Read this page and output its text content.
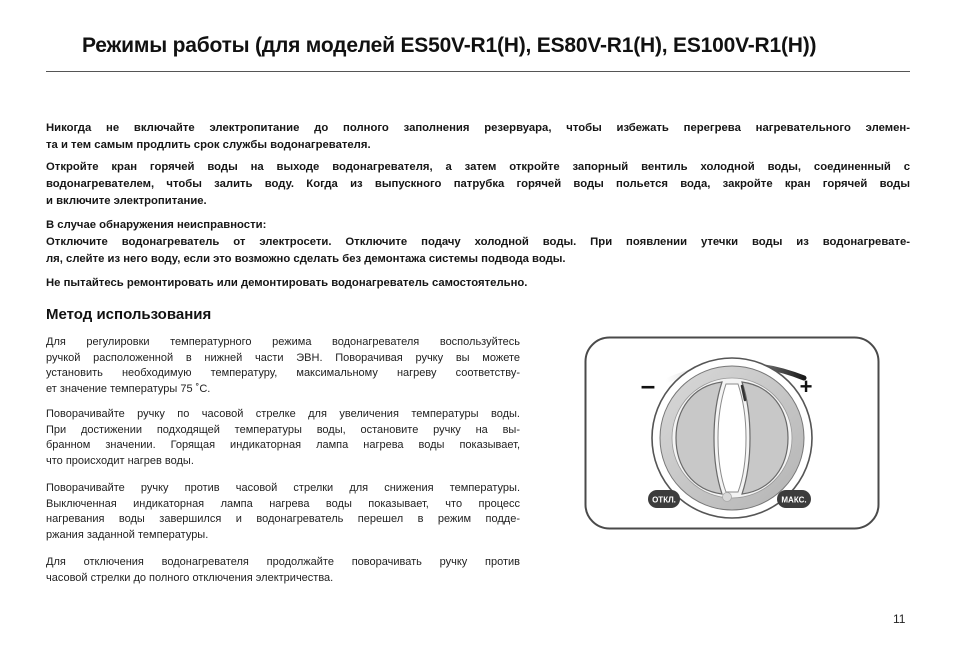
Режимы работы (для моделей ES50V-R1(H), ES80V-R1(H), ES100V-R1(H))
Никогда не включайте электропитание до полного заполнения резервуара, чтобы избежать перегрева нагревательного элемен-
та и тем самым продлить срок службы водонагревателя.
Откройте кран горячей воды на выходе водонагревателя, а затем откройте запорный вентиль холодной воды, соединенный с
водонагревателем, чтобы залить воду. Когда из выпускного патрубка горячей воды польется вода, закройте кран горячей воды
и включите электропитание.
В случае обнаружения неисправности:
Отключите водонагреватель от электросети. Отключите подачу холодной воды. При появлении утечки воды из водонагревате-
ля, слейте из него воду, если это возможно сделать без демонтажа системы подвода воды.
Не пытайтесь ремонтировать или демонтировать водонагреватель самостоятельно.
Метод использования
Для регулировки температурного режима водонагревателя воспользуйтесь
ручкой расположенной в нижней части ЭВН. Поворачивая ручку вы можете
установить необходимую температуру, максимальному нагреву соответству-
ет значение температуры 75 ˚С.
Поворачивайте ручку по часовой стрелке для увеличения температуры воды.
При достижении подходящей температуры воды, остановите ручку на вы-
бранном значении. Горящая индикаторная лампа нагрева воды показывает,
что происходит нагрев воды.
Поворачивайте ручку против часовой стрелки для снижения температуры.
Выключенная индикаторная лампа нагрева воды показывает, что процесс
нагревания воды завершился и водонагреватель перешел в режим подде-
ржания заданной температуры.
Для отключения водонагревателя продолжайте поворачивать ручку против
часовой стрелки до полного отключения электричества.
–	+
ОТКЛ.	МАКС.
11
